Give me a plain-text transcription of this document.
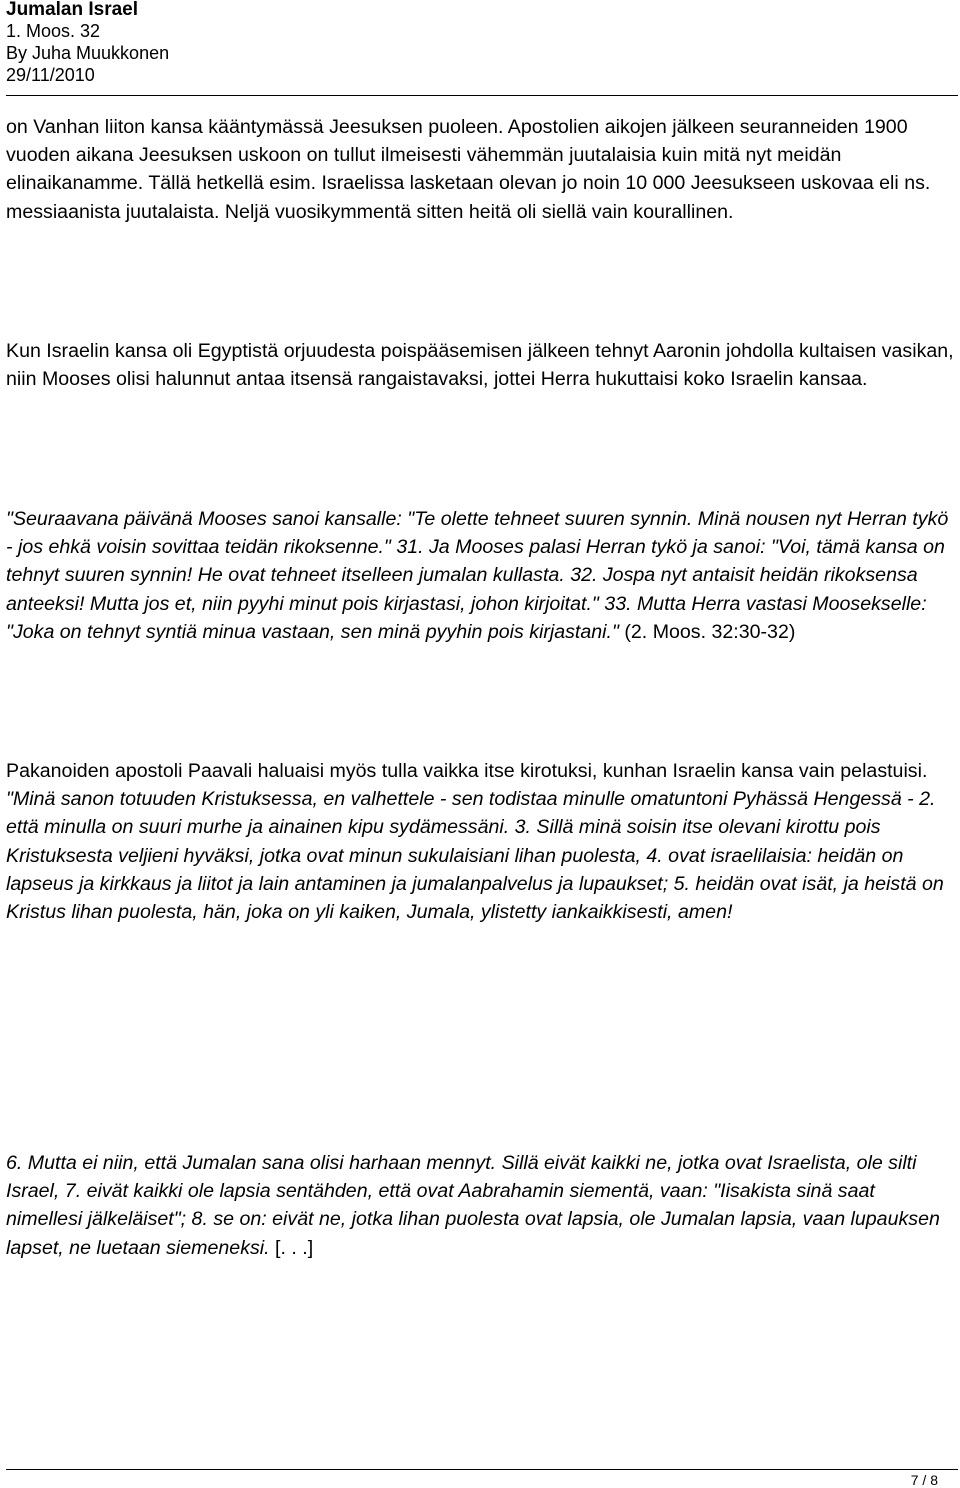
Jumalan Israel
1. Moos. 32
By Juha Muukkonen
29/11/2010

on Vanhan liiton kansa kääntymässä Jeesuksen puoleen. Apostolien aikojen jälkeen seuranneiden 1900 vuoden aikana Jeesuksen uskoon on tullut ilmeisesti vähemmän juutalaisia kuin mitä nyt meidän elinaikanamme. Tällä hetkellä esim. Israelissa lasketaan olevan jo noin 10 000 Jeesukseen uskovaa eli ns. messiaanista juutalaista. Neljä vuosikymmentä sitten heitä oli siellä vain kourallinen.

Kun Israelin kansa oli Egyptistä orjuudesta poispääsemisen jälkeen tehnyt Aaronin johdolla kultaisen vasikan, niin Mooses olisi halunnut antaa itsensä rangaistavaksi, jottei Herra hukuttaisi koko Israelin kansaa.

"Seuraavana päivänä Mooses sanoi kansalle: "Te olette tehneet suuren synnin. Minä nousen nyt Herran tykö - jos ehkä voisin sovittaa teidän rikoksenne." 31. Ja Mooses palasi Herran tykö ja sanoi: "Voi, tämä kansa on tehnyt suuren synnin! He ovat tehneet itselleen jumalan kullasta. 32. Jospa nyt antaisit heidän rikoksensa anteeksi! Mutta jos et, niin pyyhi minut pois kirjastasi, johon kirjoitat." 33. Mutta Herra vastasi Moosekselle: "Joka on tehnyt syntiä minua vastaan, sen minä pyyhin pois kirjastani." (2. Moos. 32:30-32)

Pakanoiden apostoli Paavali haluaisi myös tulla vaikka itse kirotuksi, kunhan Israelin kansa vain pelastuisi. "Minä sanon totuuden Kristuksessa, en valhettele - sen todistaa minulle omatuntoni Pyhässä Hengessä - 2. että minulla on suuri murhe ja ainainen kipu sydämessäni. 3. Sillä minä soisin itse olevani kirottu pois Kristuksesta veljieni hyväksi, jotka ovat minun sukulaisiani lihan puolesta, 4. ovat israelilaisia: heidän on lapseus ja kirkkaus ja liitot ja lain antaminen ja jumalanpalvelus ja lupaukset; 5. heidän ovat isät, ja heistä on Kristus lihan puolesta, hän, joka on yli kaiken, Jumala, ylistetty iankaikkisesti, amen!

6. Mutta ei niin, että Jumalan sana olisi harhaan mennyt. Sillä eivät kaikki ne, jotka ovat Israelista, ole silti Israel, 7. eivät kaikki ole lapsia sentähden, että ovat Aabrahamin siementä, vaan: "Iisakista sinä saat nimellesi jälkeläiset"; 8. se on: eivät ne, jotka lihan puolesta ovat lapsia, ole Jumalan lapsia, vaan lupauksen lapset, ne luetaan siemeneksi. [. . .]

7 / 8
